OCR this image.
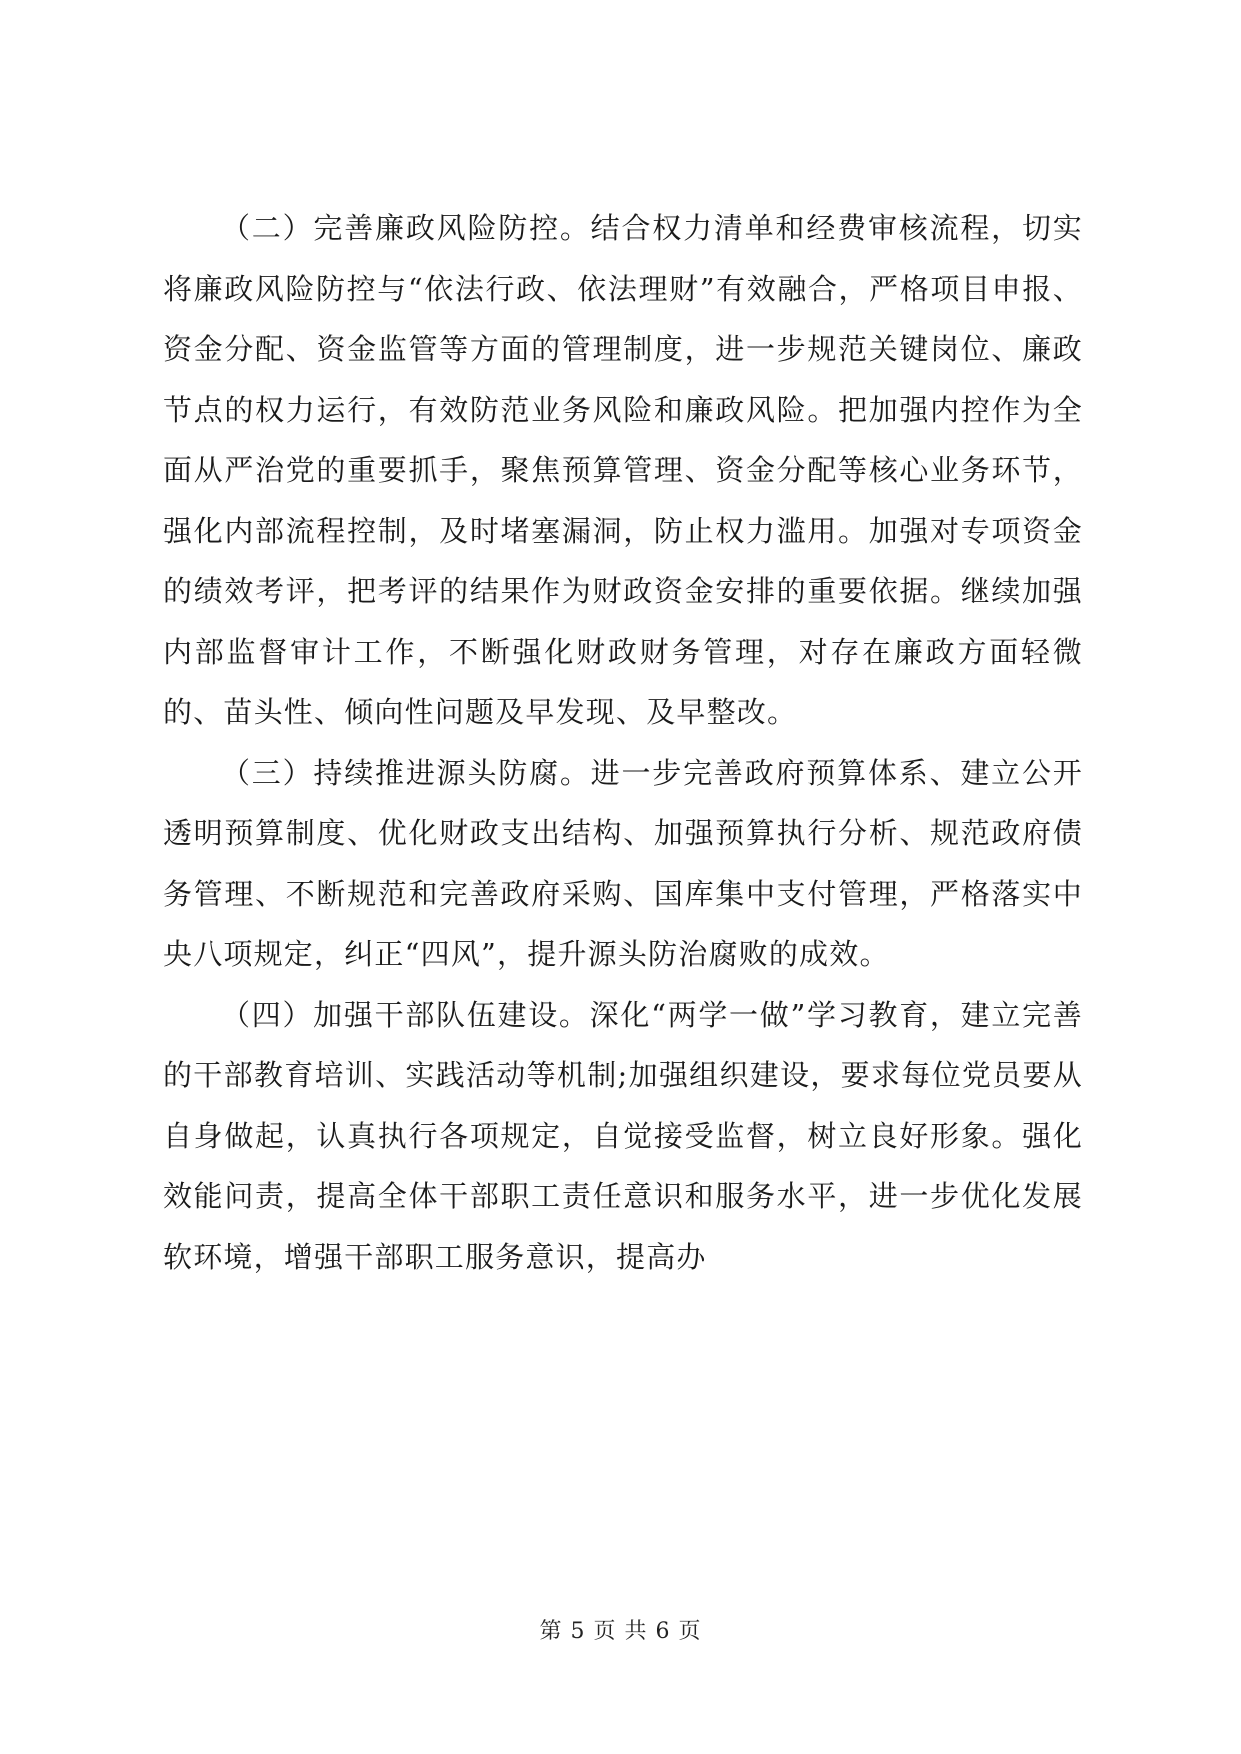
（二）完善廉政风险防控。结合权力清单和经费审核流程，切实将廉政风险防控与“依法行政、依法理财”有效融合，严格项目申报、资金分配、资金监管等方面的管理制度，进一步规范关键岗位、廉政节点的权力运行，有效防范业务风险和廉政风险。把加强内控作为全面从严治党的重要抓手，聚焦预算管理、资金分配等核心业务环节，强化内部流程控制，及时堵塞漏洞，防止权力滥用。加强对专项资金的绩效考评，把考评的结果作为财政资金安排的重要依据。继续加强内部监督审计工作，不断强化财政财务管理，对存在廉政方面轻微的、苗头性、倾向性问题及早发现、及早整改。

（三）持续推进源头防腐。进一步完善政府预算体系、建立公开透明预算制度、优化财政支出结构、加强预算执行分析、规范政府债务管理、不断规范和完善政府采购、国库集中支付管理，严格落实中央八项规定，纠正“四风”，提升源头防治腐败的成效。

（四）加强干部队伍建设。深化“两学一做”学习教育，建立完善的干部教育培训、实践活动等机制;加强组织建设，要求每位党员要从自身做起，认真执行各项规定，自觉接受监督，树立良好形象。强化效能问责，提高全体干部职工责任意识和服务水平，进一步优化发展软环境，增强干部职工服务意识，提高办

第 5 页 共 6 页
